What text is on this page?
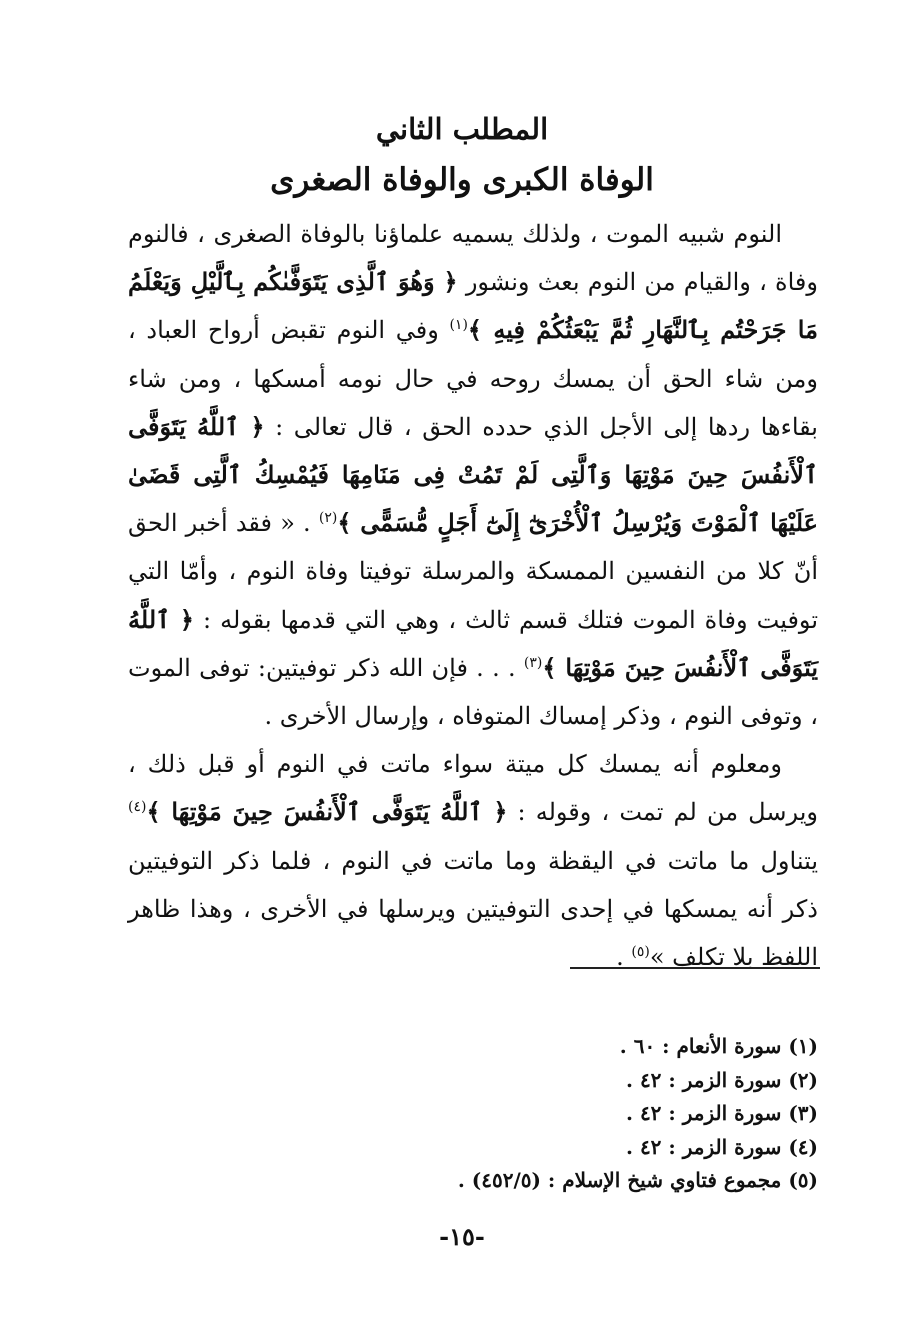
المطلب الثاني
الوفاة الكبرى والوفاة الصغرى

النوم شبيه الموت ، ولذلك يسميه علماؤنا بالوفاة الصغرى ، فالنوم وفاة ، والقيام من النوم بعث ونشور ﴿ وَهُوَ ٱلَّذِى يَتَوَفَّىٰكُم بِٱلَّيْلِ وَيَعْلَمُ مَا جَرَحْتُم بِٱلنَّهَارِ ثُمَّ يَبْعَثُكُمْ فِيهِ ﴾$^{(١)}$ وفي النوم تقبض أرواح العباد ، ومن شاء الحق أن يمسك روحه في حال نومه أمسكها ، ومن شاء بقاءها ردها إلى الأجل الذي حدده الحق ، قال تعالى : ﴿ ٱللَّهُ يَتَوَفَّى ٱلْأَنفُسَ حِينَ مَوْتِهَا وَٱلَّتِى لَمْ تَمُتْ فِى مَنَامِهَا فَيُمْسِكُ ٱلَّتِى قَضَىٰ عَلَيْهَا ٱلْمَوْتَ وَيُرْسِلُ ٱلْأُخْرَىٰٓ إِلَىٰٓ أَجَلٍ مُّسَمًّى ﴾$^{(٢)}$ . « فقد أخبر الحق أنّ كلا من النفسين الممسكة والمرسلة توفيتا وفاة النوم ، وأمّا التي توفيت وفاة الموت فتلك قسم ثالث ، وهي التي قدمها بقوله : ﴿ ٱللَّهُ يَتَوَفَّى ٱلْأَنفُسَ حِينَ مَوْتِهَا ﴾$^{(٣)}$ . . . فإن الله ذكر توفيتين: توفى الموت ، وتوفى النوم ، وذكر إمساك المتوفاه ، وإرسال الأخرى .

ومعلوم أنه يمسك كل ميتة سواء ماتت في النوم أو قبل ذلك ، ويرسل من لم تمت ، وقوله : ﴿ ٱللَّهُ يَتَوَفَّى ٱلْأَنفُسَ حِينَ مَوْتِهَا ﴾$^{(٤)}$ يتناول ما ماتت في اليقظة وما ماتت في النوم ، فلما ذكر التوفيتين ذكر أنه يمسكها في إحدى التوفيتين ويرسلها في الأخرى ، وهذا ظاهر اللفظ بلا تكلف »$^{(٥)}$ .

(١) سورة الأنعام : ٦٠ .
(٢) سورة الزمر : ٤٢ .
(٣) سورة الزمر : ٤٢ .
(٤) سورة الزمر : ٤٢ .
(٥) مجموع فتاوي شيخ الإسلام : (٤٥٢/٥) .
-١٥-
